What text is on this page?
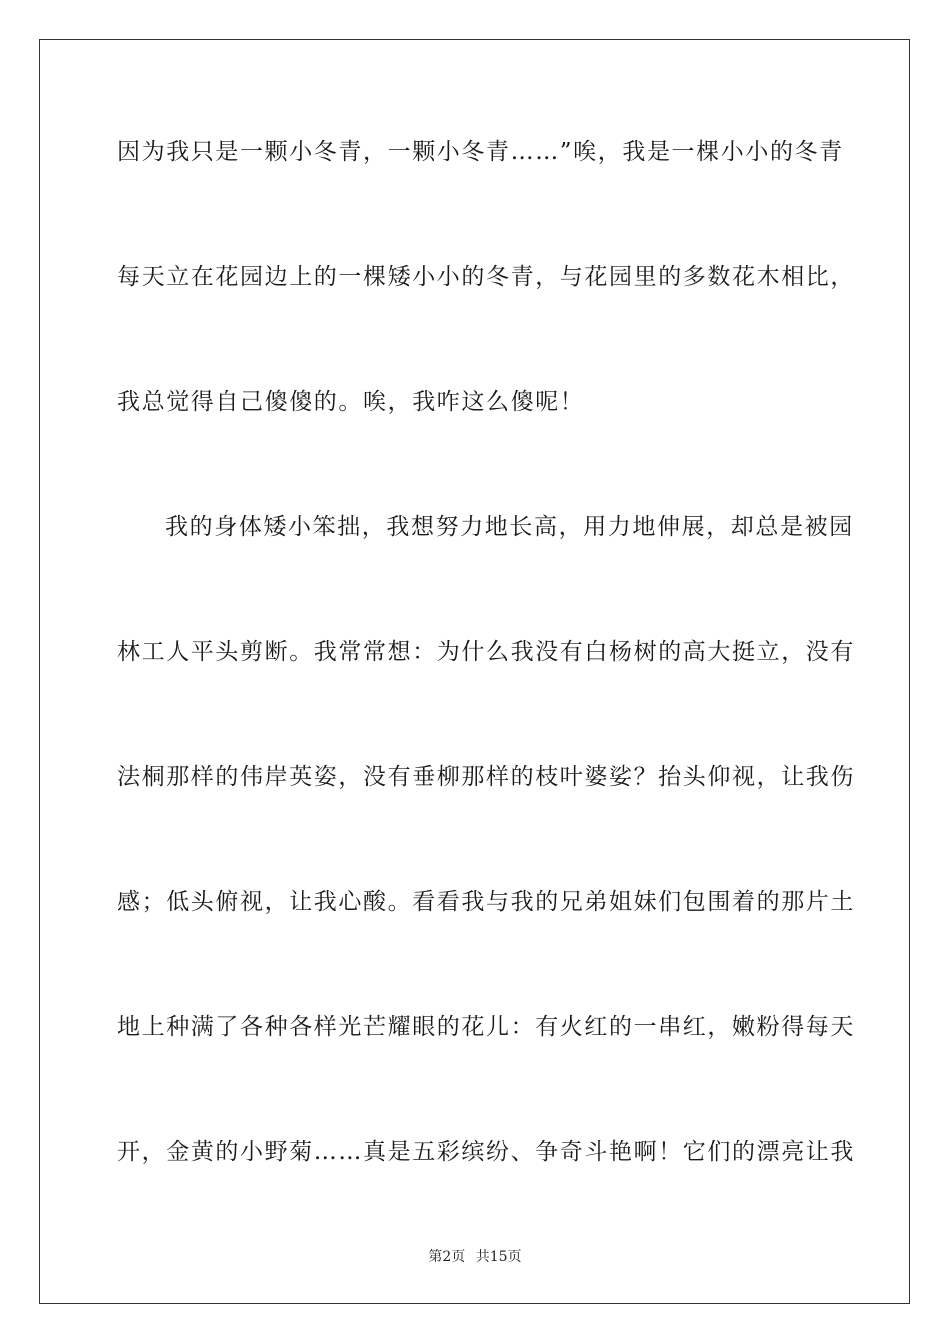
因为我只是一颗小冬青，一颗小冬青……”唉，我是一棵小小的冬青
每天立在花园边上的一棵矮小小的冬青，与花园里的多数花木相比，
我总觉得自己傻傻的。唉，我咋这么傻呢！
我的身体矮小笨拙，我想努力地长高，用力地伸展，却总是被园
林工人平头剪断。我常常想：为什么我没有白杨树的高大挺立，没有
法桐那样的伟岸英姿，没有垂柳那样的枝叶婆娑？抬头仰视，让我伤
感；低头俯视，让我心酸。看看我与我的兄弟姐妹们包围着的那片土
地上种满了各种各样光芒耀眼的花儿：有火红的一串红，嫩粉得每天
开，金黄的小野菊……真是五彩缤纷、争奇斗艳啊！它们的漂亮让我
第2页 共15页
